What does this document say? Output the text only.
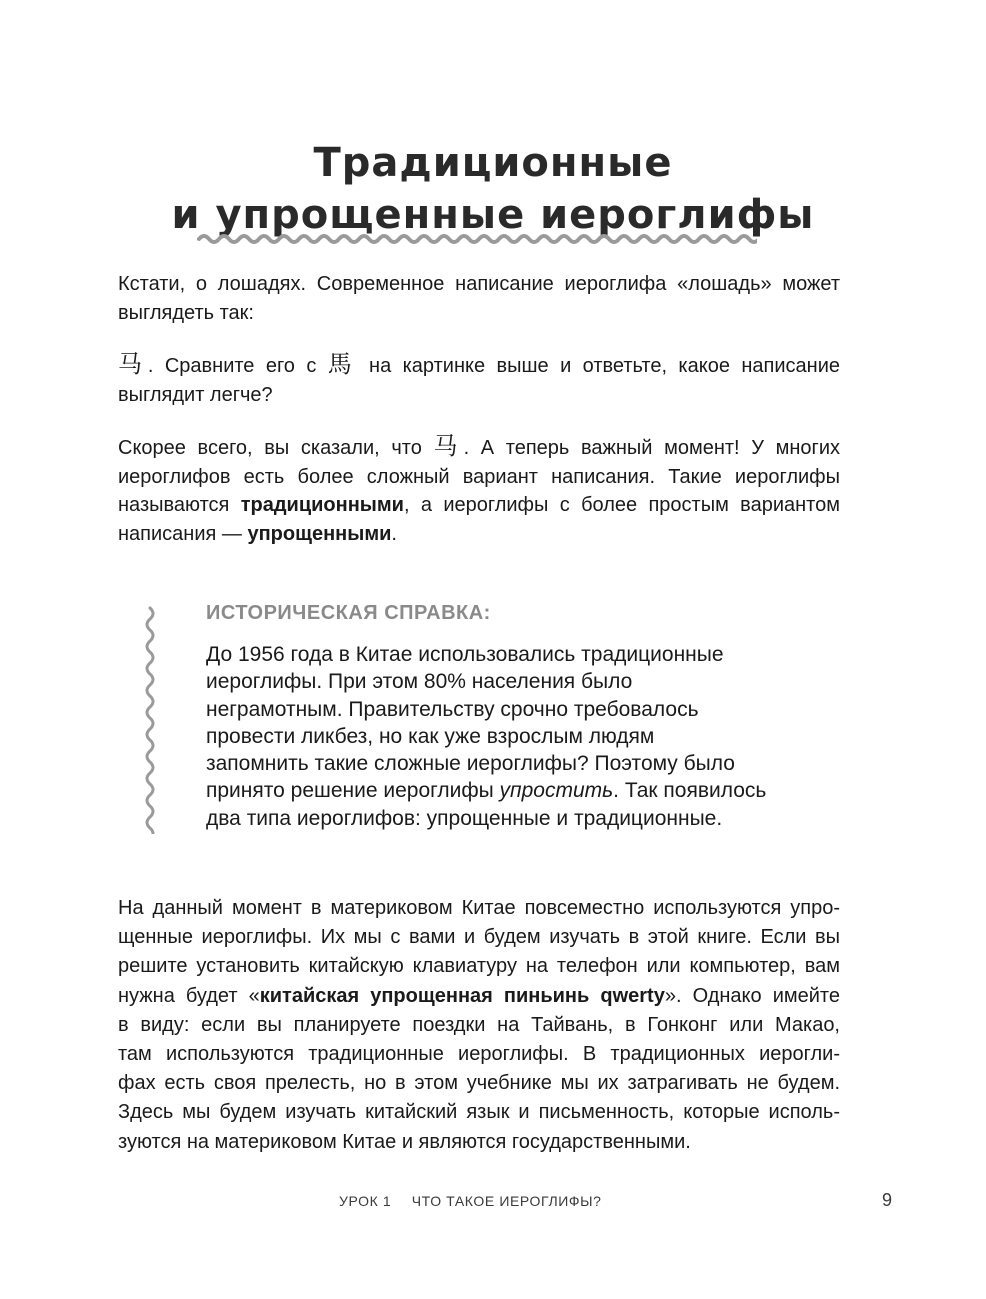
Традиционные
и упрощенные иероглифы

Кстати, о лошадях. Современное написание иероглифа «лошадь» может
выглядеть так:

马. Сравните его с 馬 на картинке выше и ответьте, какое написание
выглядит легче?

Скорее всего, вы сказали, что 马. А теперь важный момент! У многих
иероглифов есть более сложный вариант написания. Такие иероглифы
называются традиционными, а иероглифы с более простым вариантом
написания — упрощенными.

ИСТОРИЧЕСКАЯ СПРАВКА:

До 1956 года в Китае использовались традиционные
иероглифы. При этом 80% населения было
неграмотным. Правительству срочно требовалось
провести ликбез, но как уже взрослым людям
запомнить такие сложные иероглифы? Поэтому было
принято решение иероглифы упростить. Так появилось
два типа иероглифов: упрощенные и традиционные.

На данный момент в материковом Китае повсеместно используются упро-
щенные иероглифы. Их мы с вами и будем изучать в этой книге. Если вы
решите установить китайскую клавиатуру на телефон или компьютер, вам
нужна будет «китайская упрощенная пиньинь qwerty». Однако имейте
в виду: если вы планируете поездки на Тайвань, в Гонконг или Макао,
там используются традиционные иероглифы. В традиционных иерогли-
фах есть своя прелесть, но в этом учебнике мы их затрагивать не будем.
Здесь мы будем изучать китайский язык и письменность, которые исполь-
зуются на материковом Китае и являются государственными.

УРОК 1 ЧТО ТАКОЕ ИЕРОГЛИФЫ?	9
